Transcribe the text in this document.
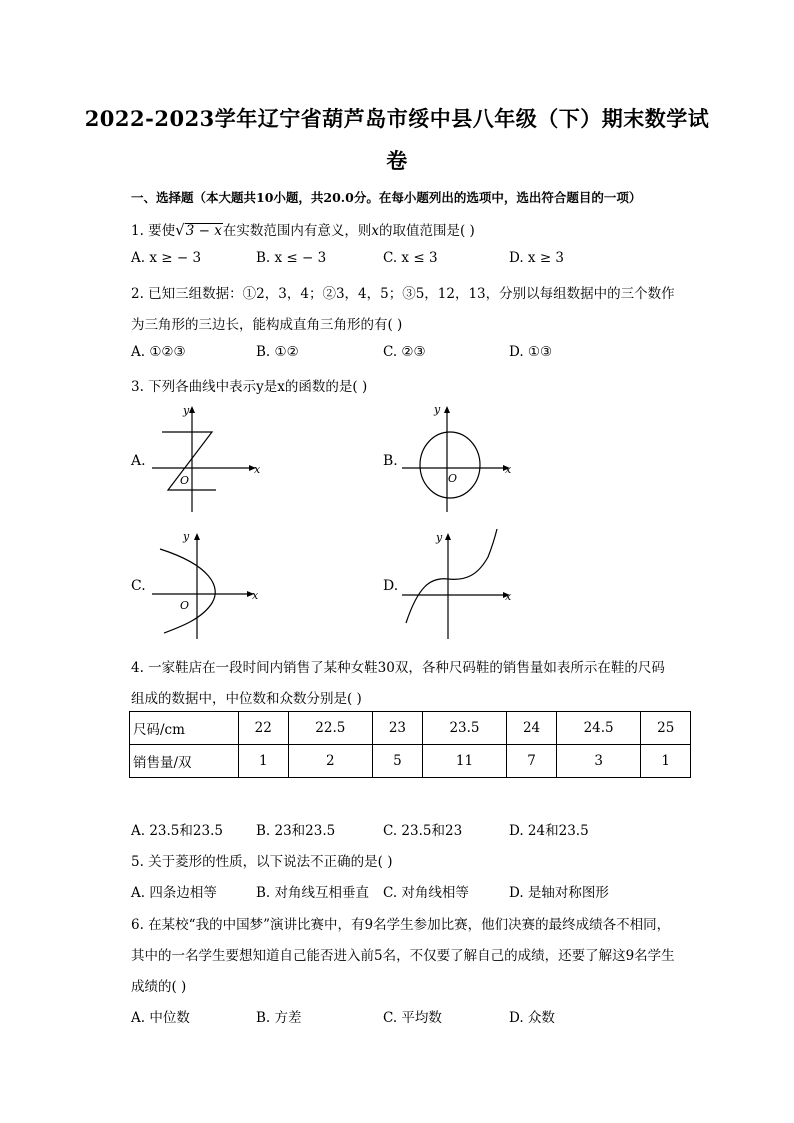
2022-2023学年辽宁省葫芦岛市绥中县八年级（下）期末数学试
卷
一、选择题（本大题共10小题，共20.0分。在每小题列出的选项中，选出符合题目的一项）
1. 要使√3 − x在实数范围内有意义，则x的取值范围是( )
A. x ≥ − 3	B. x ≤ − 3	C. x ≤ 3	D. x ≥ 3
2. 已知三组数据：①2，3，4；②3，4，5；③5，12，13，分别以每组数据中的三个数作
为三角形的三边长，能构成直角三角形的有( )
A. ①②③	B. ①②	C. ②③	D. ①③
3. 下列各曲线中表示y是x的函数的是( )
A.
y
x
O
B.
y
x
O
C.
y
x
O
D.
y
x
4. 一家鞋店在一段时间内销售了某种女鞋30双，各种尺码鞋的销售量如表所示在鞋的尺码
组成的数据中，中位数和众数分别是( )
尺码/cm	22	22.5	23	23.5	24	24.5	25
销售量/双	1	2	5	11	7	3	1
A. 23.5和23.5 B. 23和23.5	C. 23.5和23	D. 24和23.5
5. 关于菱形的性质，以下说法不正确的是( )
A. 四条边相等	B. 对角线互相垂直 C. 对角线相等	D. 是轴对称图形
6. 在某校“我的中国梦”演讲比赛中，有9名学生参加比赛，他们决赛的最终成绩各不相同，
其中的一名学生要想知道自己能否进入前5名，不仅要了解自己的成绩，还要了解这9名学生
成绩的( )
A. 中位数	B. 方差	C. 平均数	D. 众数
